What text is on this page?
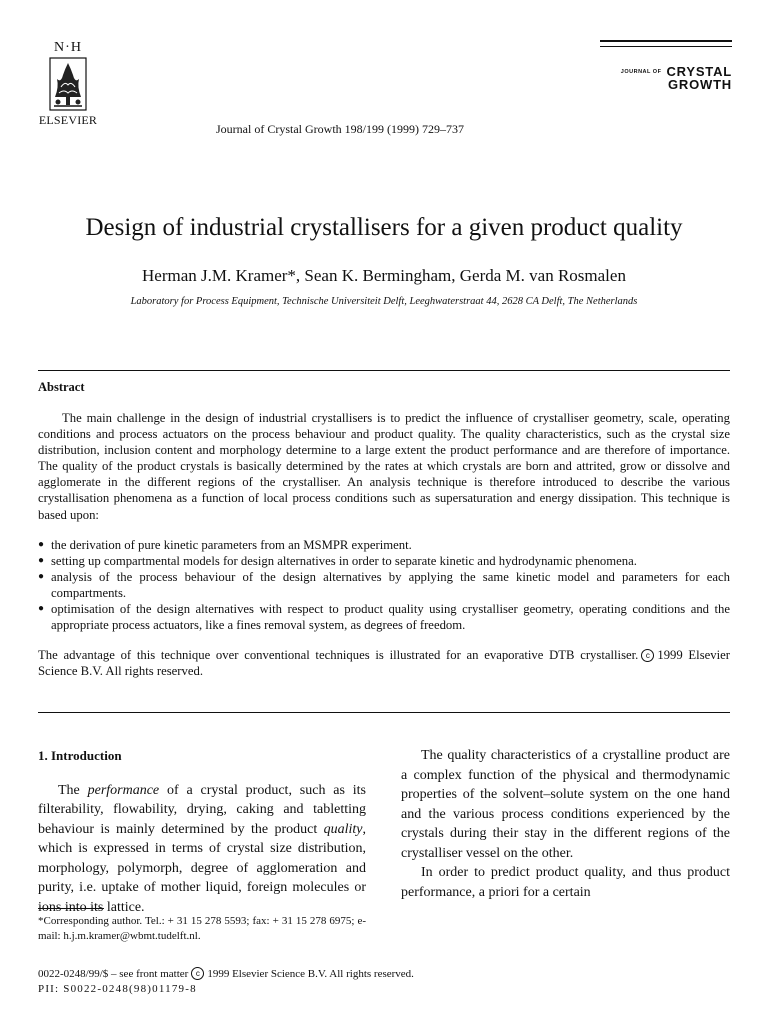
N·H
ELSEVIER
Journal of Crystal Growth 198/199 (1999) 729–737
JOURNAL OF CRYSTAL
GROWTH
Design of industrial crystallisers for a given product quality
Herman J.M. Kramer*, Sean K. Bermingham, Gerda M. van Rosmalen
Laboratory for Process Equipment, Technische Universiteit Delft, Leeghwaterstraat 44, 2628 CA Delft, The Netherlands
Abstract

The main challenge in the design of industrial crystallisers is to predict the influence of crystalliser geometry, scale, operating conditions and process actuators on the process behaviour and product quality. The quality characteristics, such as the crystal size distribution, inclusion content and morphology determine to a large extent the product performance and are therefore of importance. The quality of the product crystals is basically determined by the rates at which crystals are born and attrited, grow or dissolve and agglomerate in the different regions of the crystalliser. An analysis technique is therefore introduced to describe the various crystallisation phenomena as a function of local process conditions such as supersaturation and energy dissipation. This technique is based upon:

● the derivation of pure kinetic parameters from an MSMPR experiment.
● setting up compartmental models for design alternatives in order to separate kinetic and hydrodynamic phenomena.
● analysis of the process behaviour of the design alternatives by applying the same kinetic model and parameters for each compartments.
● optimisation of the design alternatives with respect to product quality using crystalliser geometry, operating conditions and the appropriate process actuators, like a fines removal system, as degrees of freedom.

The advantage of this technique over conventional techniques is illustrated for an evaporative DTB crystalliser. c 1999 Elsevier Science B.V. All rights reserved.

1. Introduction

The performance of a crystal product, such as its filterability, flowability, drying, caking and tabletting behaviour is mainly determined by the product quality, which is expressed in terms of crystal size distribution, morphology, polymorph, degree of agglomeration and purity, i.e. uptake of mother liquid, foreign molecules or ions into its lattice.

The quality characteristics of a crystalline product are a complex function of the physical and thermodynamic properties of the solvent–solute system on the one hand and the various process conditions experienced by the crystals during their stay in the different regions of the crystalliser vessel on the other.

In order to predict product quality, and thus product performance, a priori for a certain

*Corresponding author. Tel.: + 31 15 278 5593; fax: + 31 15 278 6975; e-mail: h.j.m.kramer@wbmt.tudelft.nl.
0022-0248/99/$ – see front matter c 1999 Elsevier Science B.V. All rights reserved.
PII: S0022-0248(98)01179-8
